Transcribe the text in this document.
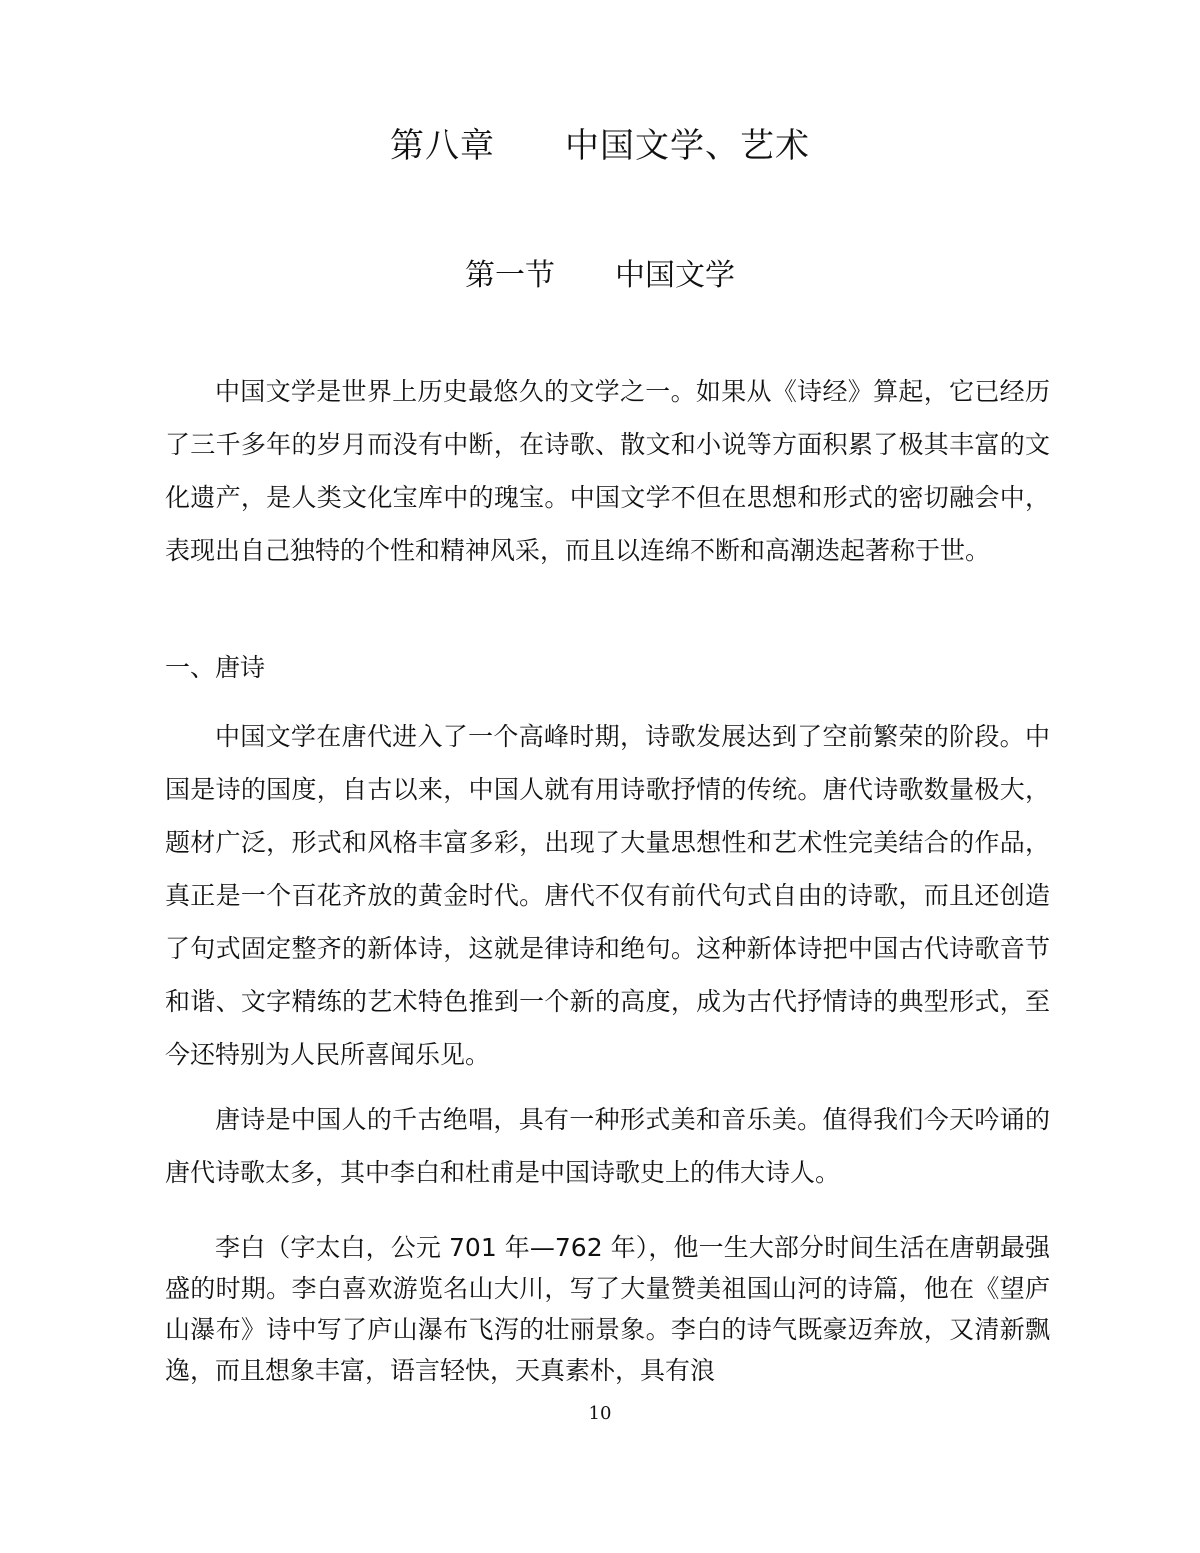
第八章　　中国文学、艺术
第一节　　中国文学

中国文学是世界上历史最悠久的文学之一。如果从《诗经》算起，它已经历了三千多年的岁月而没有中断，在诗歌、散文和小说等方面积累了极其丰富的文化遗产，是人类文化宝库中的瑰宝。中国文学不但在思想和形式的密切融会中，表现出自己独特的个性和精神风采，而且以连绵不断和高潮迭起著称于世。

一、唐诗

中国文学在唐代进入了一个高峰时期，诗歌发展达到了空前繁荣的阶段。中国是诗的国度，自古以来，中国人就有用诗歌抒情的传统。唐代诗歌数量极大，题材广泛，形式和风格丰富多彩，出现了大量思想性和艺术性完美结合的作品，真正是一个百花齐放的黄金时代。唐代不仅有前代句式自由的诗歌，而且还创造了句式固定整齐的新体诗，这就是律诗和绝句。这种新体诗把中国古代诗歌音节和谐、文字精练的艺术特色推到一个新的高度，成为古代抒情诗的典型形式，至今还特别为人民所喜闻乐见。

唐诗是中国人的千古绝唱，具有一种形式美和音乐美。值得我们今天吟诵的唐代诗歌太多，其中李白和杜甫是中国诗歌史上的伟大诗人。

李白（字太白，公元 701 年—762 年），他一生大部分时间生活在唐朝最强盛的时期。李白喜欢游览名山大川，写了大量赞美祖国山河的诗篇，他在《望庐山瀑布》诗中写了庐山瀑布飞泻的壮丽景象。李白的诗气既豪迈奔放，又清新飘逸，而且想象丰富，语言轻快，天真素朴，具有浪

10
